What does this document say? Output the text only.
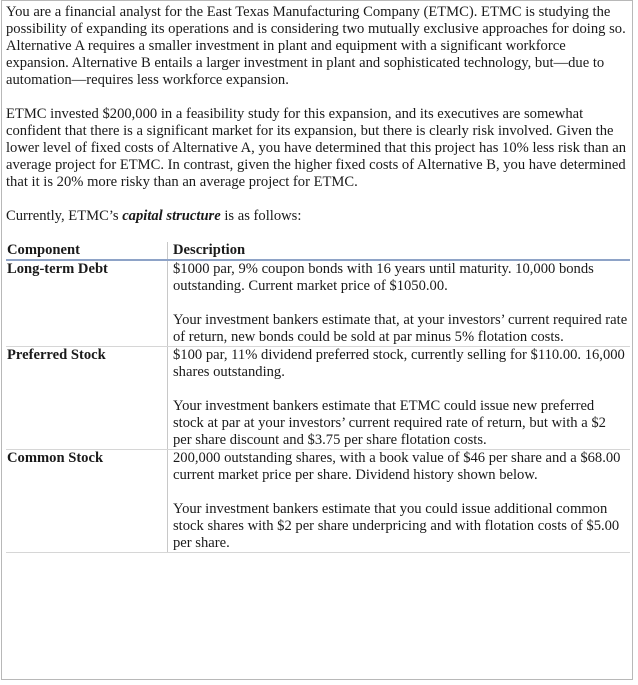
You are a financial analyst for the East Texas Manufacturing Company (ETMC). ETMC is studying the possibility of expanding its operations and is considering two mutually exclusive approaches for doing so. Alternative A requires a smaller investment in plant and equipment with a significant workforce expansion. Alternative B entails a larger investment in plant and sophisticated technology, but—due to automation—requires less workforce expansion.

ETMC invested $200,000 in a feasibility study for this expansion, and its executives are somewhat confident that there is a significant market for its expansion, but there is clearly risk involved. Given the lower level of fixed costs of Alternative A, you have determined that this project has 10% less risk than an average project for ETMC. In contrast, given the higher fixed costs of Alternative B, you have determined that it is 20% more risky than an average project for ETMC.

Currently, ETMC’s capital structure is as follows:

Component	Description
Long-term Debt	$1000 par, 9% coupon bonds with 16 years until maturity. 10,000 bonds outstanding. Current market price of $1050.00.

Your investment bankers estimate that, at your investors’ current required rate of return, new bonds could be sold at par minus 5% flotation costs.

Preferred Stock	$100 par, 11% dividend preferred stock, currently selling for $110.00. 16,000 shares outstanding.

Your investment bankers estimate that ETMC could issue new preferred stock at par at your investors’ current required rate of return, but with a $2 per share discount and $3.75 per share flotation costs.

Common Stock	200,000 outstanding shares, with a book value of $46 per share and a $68.00 current market price per share. Dividend history shown below.

Your investment bankers estimate that you could issue additional common stock shares with $2 per share underpricing and with flotation costs of $5.00 per share.
